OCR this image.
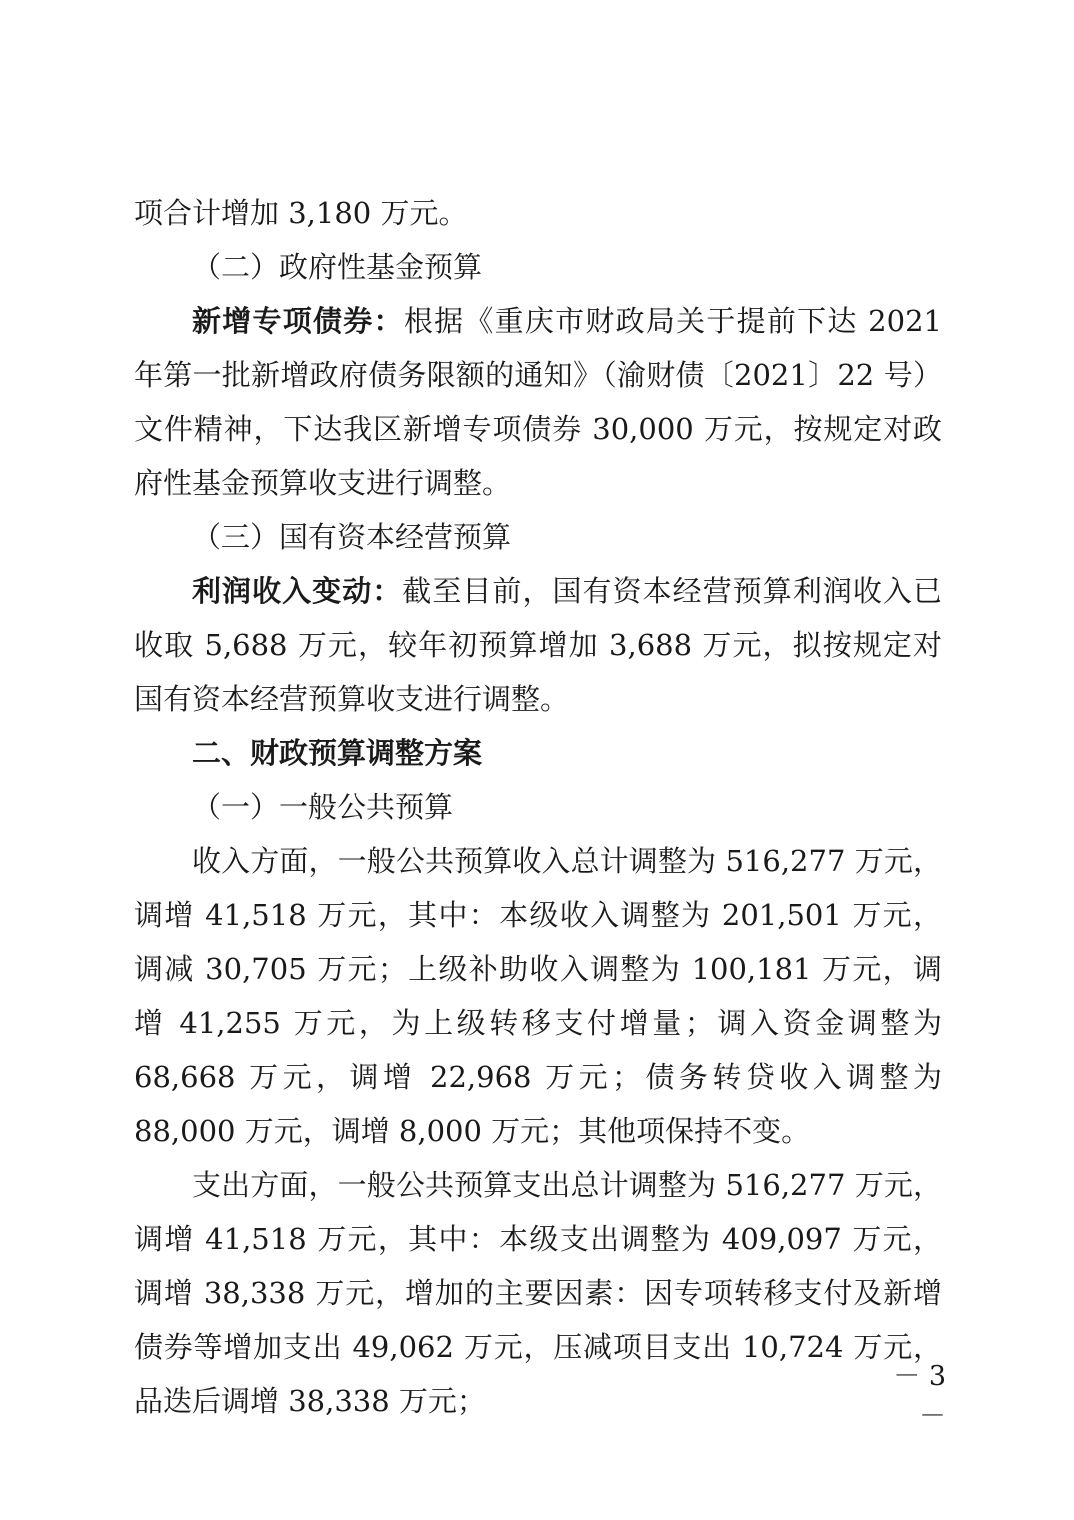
项合计增加 3,180 万元。

（二）政府性基金预算

新增专项债券：根据《重庆市财政局关于提前下达 2021 年第一批新增政府债务限额的通知》（渝财债〔2021〕22 号）文件精神，下达我区新增专项债券 30,000 万元，按规定对政府性基金预算收支进行调整。

（三）国有资本经营预算

利润收入变动：截至目前，国有资本经营预算利润收入已收取 5,688 万元，较年初预算增加 3,688 万元，拟按规定对国有资本经营预算收支进行调整。

二、财政预算调整方案

（一）一般公共预算

收入方面，一般公共预算收入总计调整为 516,277 万元，调增 41,518 万元，其中：本级收入调整为 201,501 万元，调减 30,705 万元；上级补助收入调整为 100,181 万元，调增 41,255 万元，为上级转移支付增量；调入资金调整为 68,668 万元，调增 22,968 万元；债务转贷收入调整为 88,000 万元，调增 8,000 万元；其他项保持不变。

支出方面，一般公共预算支出总计调整为 516,277 万元，调增 41,518 万元，其中：本级支出调整为 409,097 万元，调增 38,338 万元，增加的主要因素：因专项转移支付及新增债券等增加支出 49,062 万元，压减项目支出 10,724 万元，品迭后调增 38,338 万元；

－ 3 －
